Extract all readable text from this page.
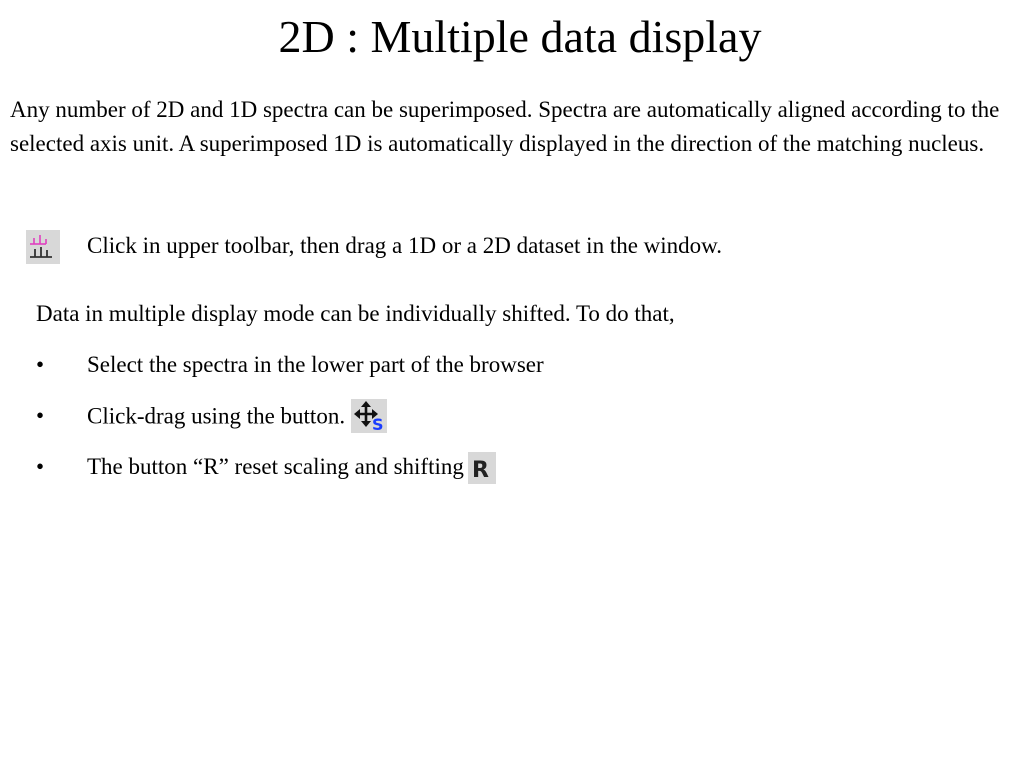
2D : Multiple data display
Any number of 2D and 1D spectra can be superimposed. Spectra are automatically aligned according to the selected axis unit. A superimposed 1D is automatically displayed in the direction of the matching nucleus.
Click in upper toolbar, then drag a 1D or a 2D dataset in the window.
Data in multiple display mode can be individually shifted. To do that,
• Select the spectra in the lower part of the browser
• Click-drag using the button. S
• The button “R” reset scaling and shifting R
